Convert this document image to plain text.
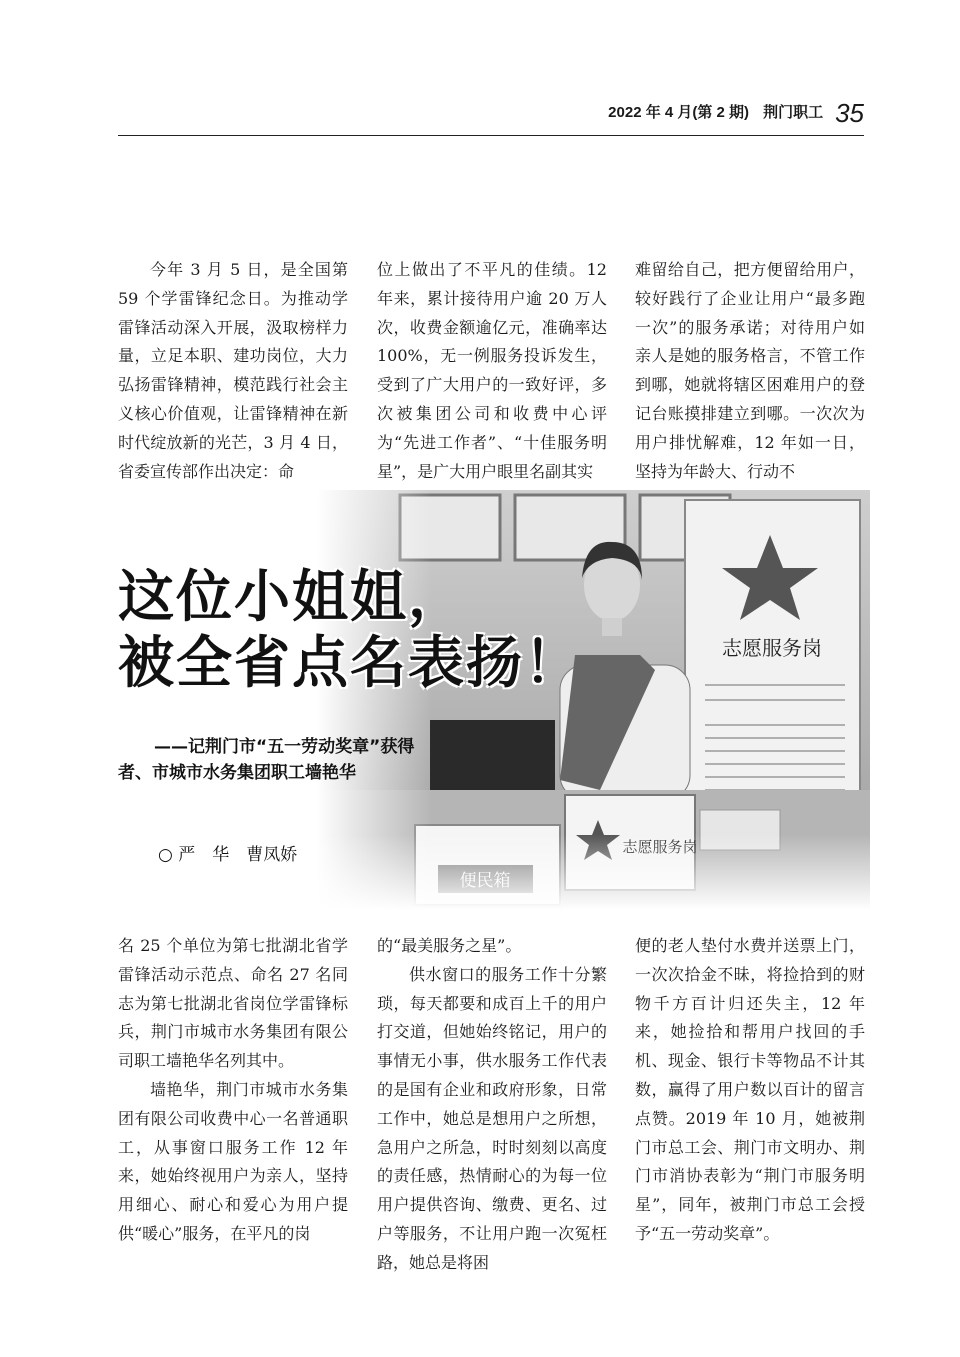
2022 年 4 月(第 2 期) 荆门职工 35

今年 3 月 5 日，是全国第 59 个学雷锋纪念日。为推动学雷锋活动深入开展，汲取榜样力量，立足本职、建功岗位，大力弘扬雷锋精神，模范践行社会主义核心价值观，让雷锋精神在新时代绽放新的光芒，3 月 4 日，省委宣传部作出决定：命

位上做出了不平凡的佳绩。12 年来，累计接待用户逾 20 万人次，收费金额逾亿元，准确率达 100%，无一例服务投诉发生，受到了广大用户的一致好评，多次被集团公司和收费中心评为“先进工作者”、“十佳服务明星”，是广大用户眼里名副其实

难留给自己，把方便留给用户，较好践行了企业让用户“最多跑一次”的服务承诺；对待用户如亲人是她的服务格言，不管工作到哪，她就将辖区困难用户的登记台账摸排建立到哪。一次次为用户排忧解难，12 年如一日，坚持为年龄大、行动不

这位小姐姐，
被全省点名表扬！
——记荆门市“五一劳动奖章”获得
者、市城市水务集团职工墙艳华
○ 严　华　曹凤娇

名 25 个单位为第七批湖北省学雷锋活动示范点、命名 27 名同志为第七批湖北省岗位学雷锋标兵，荆门市城市水务集团有限公司职工墙艳华名列其中。

墙艳华，荆门市城市水务集团有限公司收费中心一名普通职工，从事窗口服务工作 12 年来，她始终视用户为亲人，坚持用细心、耐心和爱心为用户提供“暖心”服务，在平凡的岗

的“最美服务之星”。

供水窗口的服务工作十分繁琐，每天都要和成百上千的用户打交道，但她始终铭记，用户的事情无小事，供水服务工作代表的是国有企业和政府形象，日常工作中，她总是想用户之所想，急用户之所急，时时刻刻以高度的责任感，热情耐心的为每一位用户提供咨询、缴费、更名、过户等服务，不让用户跑一次冤枉路，她总是将困

便的老人垫付水费并送票上门，一次次拾金不昧，将捡拾到的财物千方百计归还失主，12 年来，她捡拾和帮用户找回的手机、现金、银行卡等物品不计其数，赢得了用户数以百计的留言点赞。2019 年 10 月，她被荆门市总工会、荆门市文明办、荆门市消协表彰为“荆门市服务明星”，同年，被荆门市总工会授予“五一劳动奖章”。
